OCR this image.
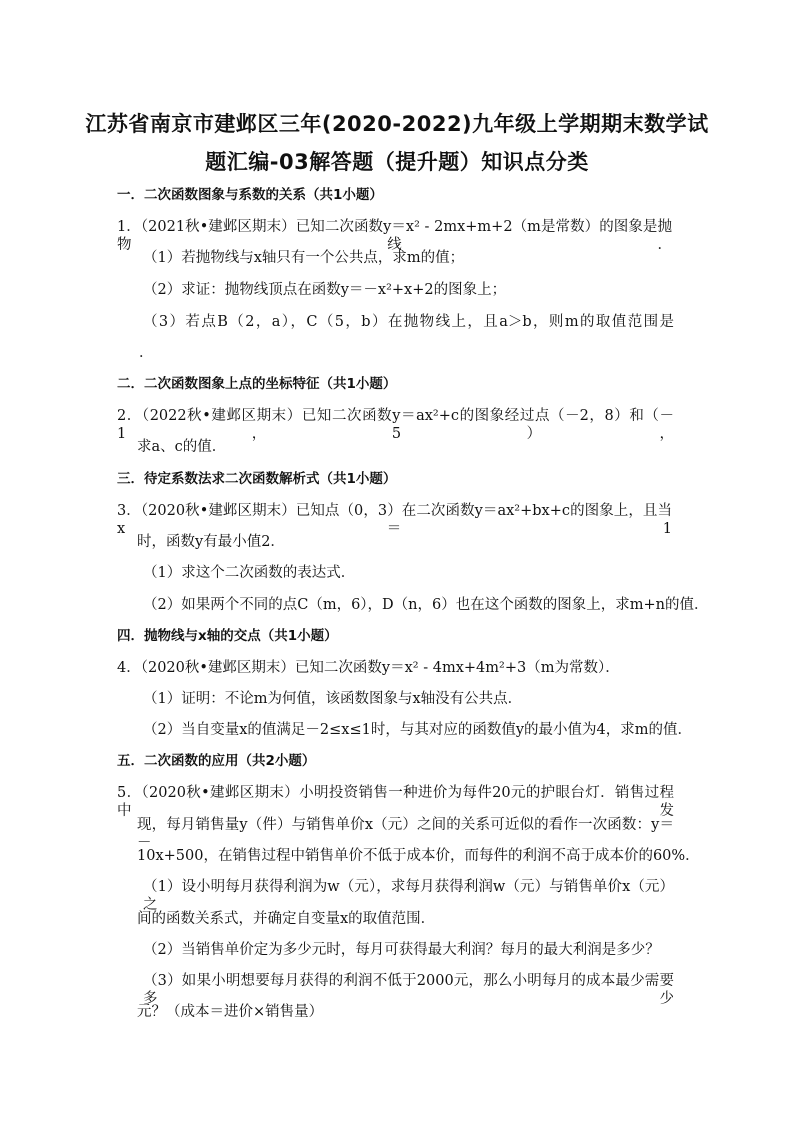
江苏省南京市建邺区三年(2020-2022)九年级上学期期末数学试
题汇编-03解答题（提升题）知识点分类
一．二次函数图象与系数的关系（共1小题）
1．（2021秋•建邺区期末）已知二次函数y＝x² - 2mx+m+2（m是常数）的图象是抛物线．
（1）若抛物线与x轴只有一个公共点，求m的值；
（2）求证：抛物线顶点在函数y＝－x²+x+2的图象上；
（3）若点B（2，a），C（5，b）在抛物线上，且a＞b，则m的取值范围是
．
二．二次函数图象上点的坐标特征（共1小题）
2．（2022秋•建邺区期末）已知二次函数y＝ax²+c的图象经过点（－2，8）和（－1，5），
求a、c的值．
三．待定系数法求二次函数解析式（共1小题）
3．（2020秋•建邺区期末）已知点（0，3）在二次函数y＝ax²+bx+c的图象上，且当x＝1
时，函数y有最小值2．
（1）求这个二次函数的表达式．
（2）如果两个不同的点C（m，6），D（n，6）也在这个函数的图象上，求m+n的值．
四．抛物线与x轴的交点（共1小题）
4．（2020秋•建邺区期末）已知二次函数y＝x² - 4mx+4m²+3（m为常数）．
（1）证明：不论m为何值，该函数图象与x轴没有公共点．
（2）当自变量x的值满足－2≤x≤1时，与其对应的函数值y的最小值为4，求m的值．
五．二次函数的应用（共2小题）
5．（2020秋•建邺区期末）小明投资销售一种进价为每件20元的护眼台灯．销售过程中发
现，每月销售量y（件）与销售单价x（元）之间的关系可近似的看作一次函数：y＝－
10x+500，在销售过程中销售单价不低于成本价，而每件的利润不高于成本价的60%．
（1）设小明每月获得利润为w（元），求每月获得利润w（元）与销售单价x（元）之
间的函数关系式，并确定自变量x的取值范围．
（2）当销售单价定为多少元时，每月可获得最大利润？每月的最大利润是多少？
（3）如果小明想要每月获得的利润不低于2000元，那么小明每月的成本最少需要多少
元？（成本＝进价×销售量）
